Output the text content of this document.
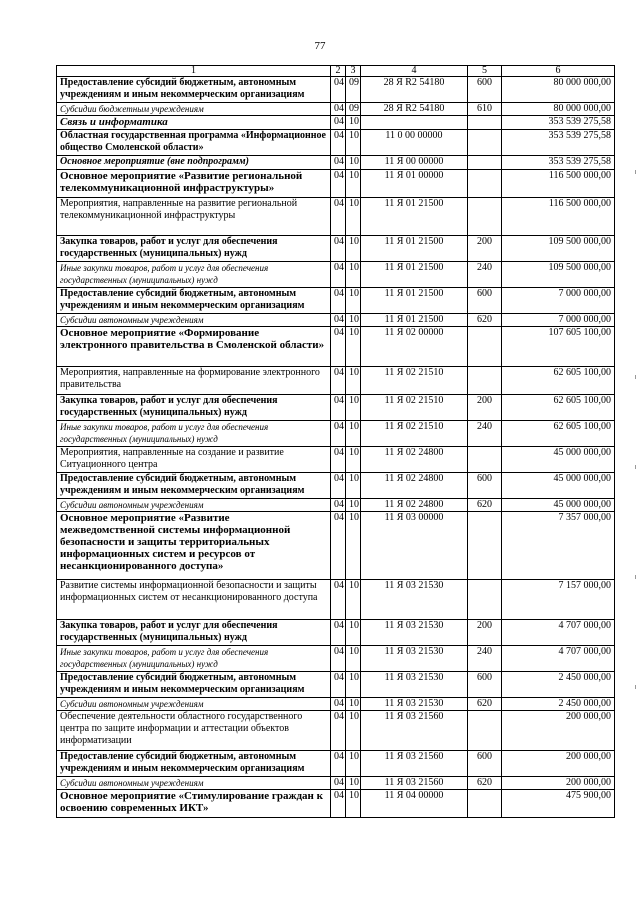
77
1	2	3	4	5	6
Предоставление субсидий бюджетным, автономным учреждениям и иным некоммерческим организациям	04	09	28 Я R2 54180	600	80 000 000,00
Субсидии бюджетным учреждениям	04	09	28 Я R2 54180	610	80 000 000,00
Связь и информатика	04	10			353 539 275,58
Областная государственная программа «Информационное общество Смоленской области»	04	10	11 0 00 00000		353 539 275,58
Основное мероприятие (вне подпрограмм)	04	10	11 Я 00 00000		353 539 275,58
Основное мероприятие «Развитие региональной телекоммуникационной инфраструктуры»	04	10	11 Я 01 00000		116 500 000,00
Мероприятия, направленные на развитие региональной телекоммуникационной инфраструктуры	04	10	11 Я 01 21500		116 500 000,00
Закупка товаров, работ и услуг для обеспечения государственных (муниципальных) нужд	04	10	11 Я 01 21500	200	109 500 000,00
Иные закупки товаров, работ и услуг для обеспечения государственных (муниципальных) нужд	04	10	11 Я 01 21500	240	109 500 000,00
Предоставление субсидий бюджетным, автономным учреждениям и иным некоммерческим организациям	04	10	11 Я 01 21500	600	7 000 000,00
Субсидии автономным учреждениям	04	10	11 Я 01 21500	620	7 000 000,00
Основное мероприятие «Формирование электронного правительства в Смоленской области»	04	10	11 Я 02 00000		107 605 100,00
Мероприятия, направленные на формирование электронного правительства	04	10	11 Я 02 21510		62 605 100,00
Закупка товаров, работ и услуг для обеспечения государственных (муниципальных) нужд	04	10	11 Я 02 21510	200	62 605 100,00
Иные закупки товаров, работ и услуг для обеспечения государственных (муниципальных) нужд	04	10	11 Я 02 21510	240	62 605 100,00
Мероприятия, направленные на создание и развитие Ситуационного центра	04	10	11 Я 02 24800		45 000 000,00
Предоставление субсидий бюджетным, автономным учреждениям и иным некоммерческим организациям	04	10	11 Я 02 24800	600	45 000 000,00
Субсидии автономным учреждениям	04	10	11 Я 02 24800	620	45 000 000,00
Основное мероприятие «Развитие межведомственной системы информационной безопасности и защиты территориальных информационных систем и ресурсов от несанкционированного доступа»	04	10	11 Я 03 00000		7 357 000,00
Развитие системы информационной безопасности и защиты информационных систем от несанкционированного доступа	04	10	11 Я 03 21530		7 157 000,00
Закупка товаров, работ и услуг для обеспечения государственных (муниципальных) нужд	04	10	11 Я 03 21530	200	4 707 000,00
Иные закупки товаров, работ и услуг для обеспечения государственных (муниципальных) нужд	04	10	11 Я 03 21530	240	4 707 000,00
Предоставление субсидий бюджетным, автономным учреждениям и иным некоммерческим организациям	04	10	11 Я 03 21530	600	2 450 000,00
Субсидии автономным учреждениям	04	10	11 Я 03 21530	620	2 450 000,00
Обеспечение деятельности областного государственного центра по защите информации и аттестации объектов информатизации	04	10	11 Я 03 21560		200 000,00
Предоставление субсидий бюджетным, автономным учреждениям и иным некоммерческим организациям	04	10	11 Я 03 21560	600	200 000,00
Субсидии автономным учреждениям	04	10	11 Я 03 21560	620	200 000,00
Основное мероприятие «Стимулирование граждан к освоению современных ИКТ»	04	10	11 Я 04 00000		475 900,00
